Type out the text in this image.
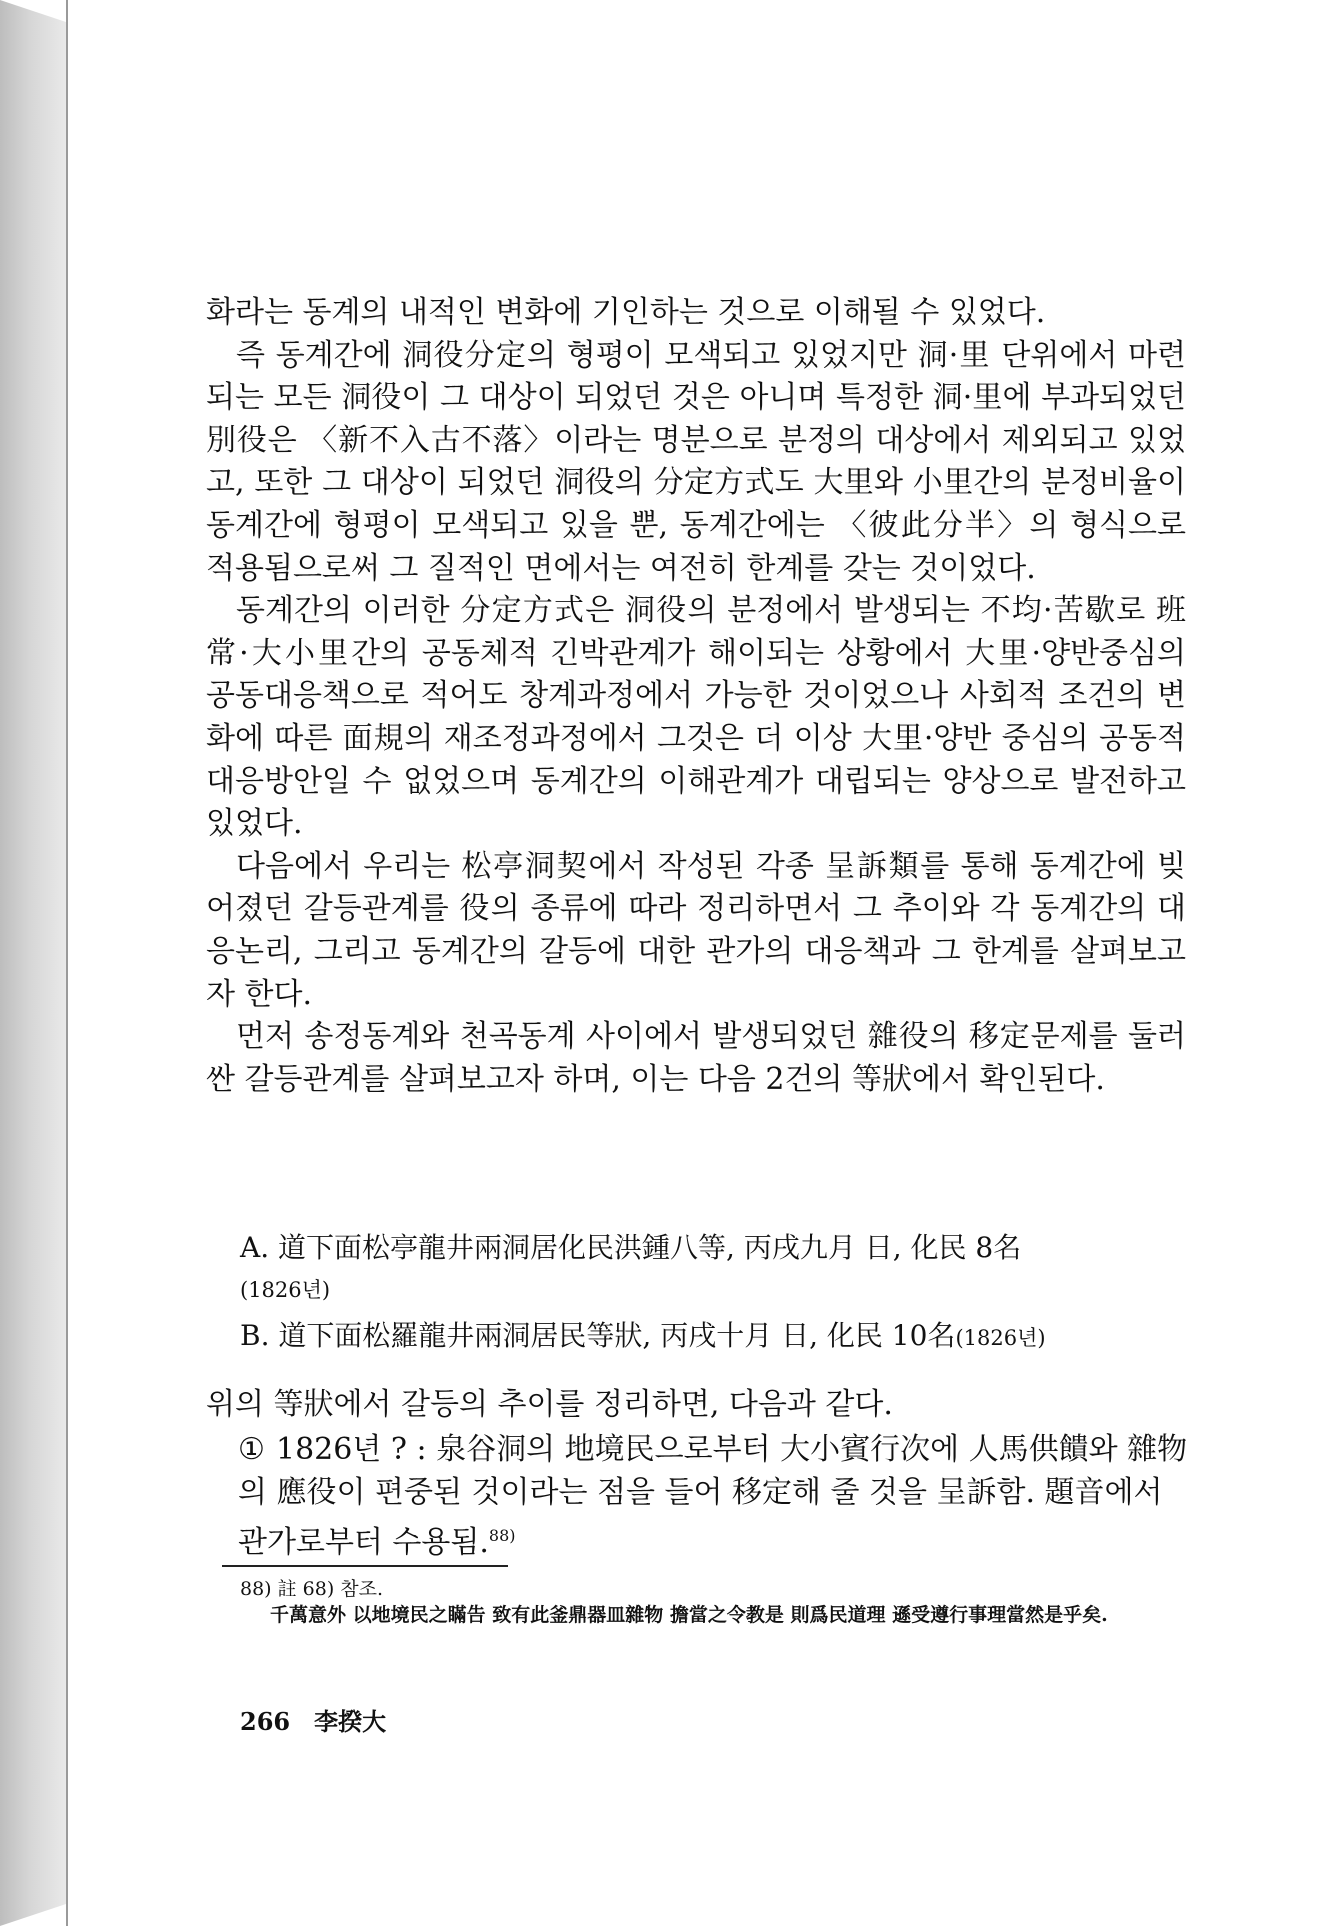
화라는 동계의 내적인 변화에 기인하는 것으로 이해될 수 있었다.

즉 동계간에 洞役分定의 형평이 모색되고 있었지만 洞·里 단위에서 마련되는 모든 洞役이 그 대상이 되었던 것은 아니며 특정한 洞·里에 부과되었던 別役은 〈新不入古不落〉이라는 명분으로 분정의 대상에서 제외되고 있었고, 또한 그 대상이 되었던 洞役의 分定方式도 大里와 小里간의 분정비율이 동계간에 형평이 모색되고 있을 뿐, 동계간에는 〈彼此分半〉의 형식으로 적용됨으로써 그 질적인 면에서는 여전히 한계를 갖는 것이었다.

동계간의 이러한 分定方式은 洞役의 분정에서 발생되는 不均·苦歇로 班常·大小里간의 공동체적 긴박관계가 해이되는 상황에서 大里·양반중심의 공동대응책으로 적어도 창계과정에서 가능한 것이었으나 사회적 조건의 변화에 따른 面規의 재조정과정에서 그것은 더 이상 大里·양반 중심의 공동적 대응방안일 수 없었으며 동계간의 이해관계가 대립되는 양상으로 발전하고 있었다.

다음에서 우리는 松亭洞契에서 작성된 각종 呈訴類를 통해 동계간에 빚어졌던 갈등관계를 役의 종류에 따라 정리하면서 그 추이와 각 동계간의 대응논리, 그리고 동계간의 갈등에 대한 관가의 대응책과 그 한계를 살펴보고자 한다.

먼저 송정동계와 천곡동계 사이에서 발생되었던 雜役의 移定문제를 둘러싼 갈등관계를 살펴보고자 하며, 이는 다음 2건의 等狀에서 확인된다.

A. 道下面松亭龍井兩洞居化民洪鍾八等, 丙戌九月 日, 化民 8名
(1826년)

B. 道下面松羅龍井兩洞居民等狀, 丙戌十月 日, 化民 10名(1826년)

위의 等狀에서 갈등의 추이를 정리하면, 다음과 같다.
① 1826년 ? : 泉谷洞의 地境民으로부터 大小賓行次에 人馬供饋와 雜物의 應役이 편중된 것이라는 점을 들어 移定해 줄 것을 呈訴함. 題音에서 관가로부터 수용됨.$^{88)}$
88) 註 68) 참조.
千萬意外 以地境民之瞞告 致有此釜鼎器皿雜物 擔當之令教是 則爲民道理 遜受遵行事理當然是乎矣.
266 李揆大
